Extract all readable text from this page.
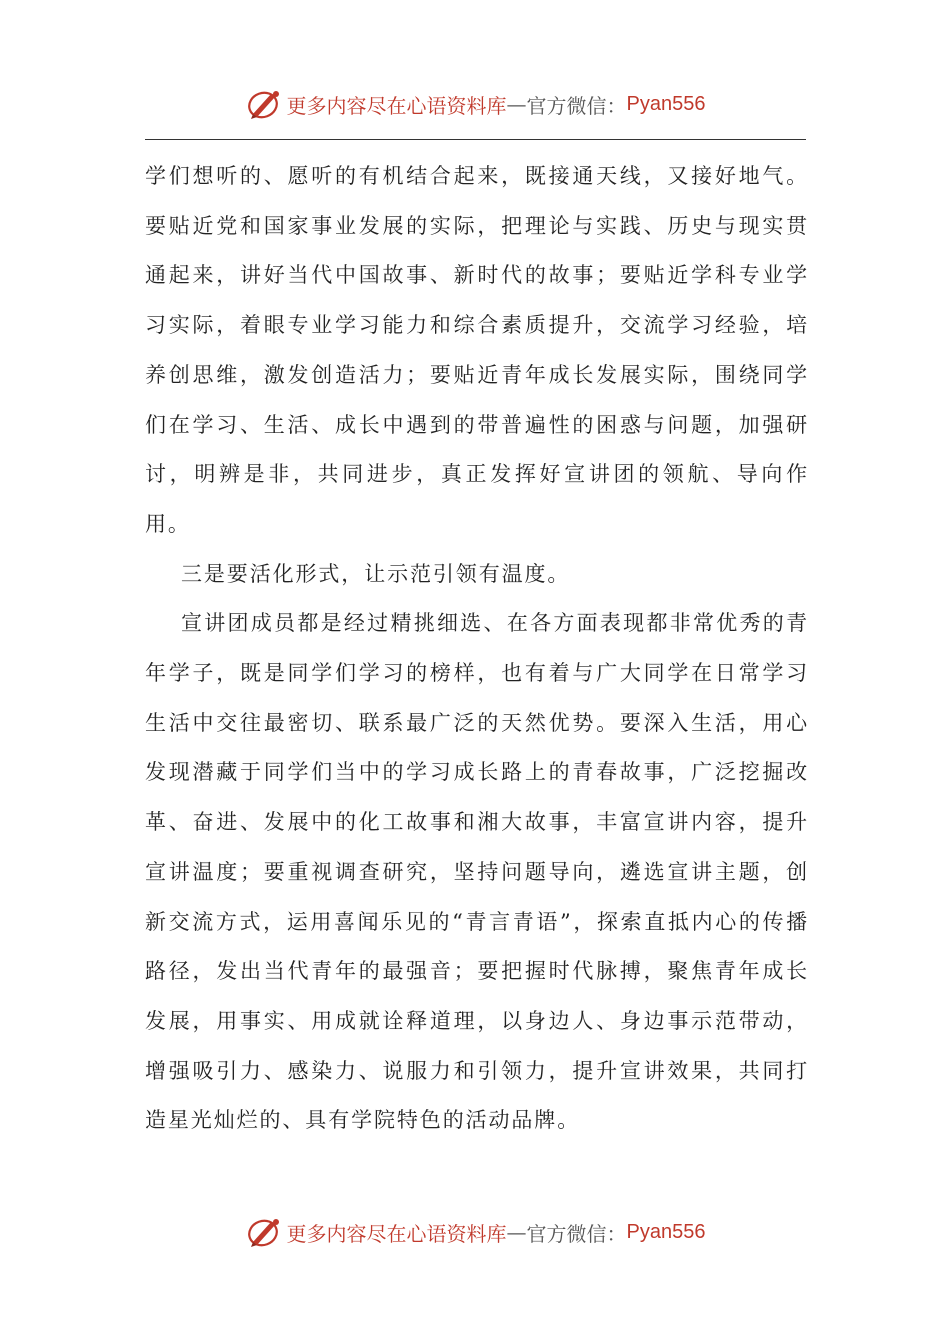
更多内容尽在心语资料库 — 官方微信： Pyan556

学们想听的、愿听的有机结合起来，既接通天线，又接好地气。要贴近党和国家事业发展的实际，把理论与实践、历史与现实贯通起来，讲好当代中国故事、新时代的故事；要贴近学科专业学习实际，着眼专业学习能力和综合素质提升，交流学习经验，培养创思维，激发创造活力；要贴近青年成长发展实际，围绕同学们在学习、生活、成长中遇到的带普遍性的困惑与问题，加强研讨，明辨是非，共同进步，真正发挥好宣讲团的领航、导向作用。

三是要活化形式，让示范引领有温度。

宣讲团成员都是经过精挑细选、在各方面表现都非常优秀的青年学子，既是同学们学习的榜样，也有着与广大同学在日常学习生活中交往最密切、联系最广泛的天然优势。要深入生活，用心发现潜藏于同学们当中的学习成长路上的青春故事，广泛挖掘改革、奋进、发展中的化工故事和湘大故事，丰富宣讲内容，提升宣讲温度；要重视调查研究，坚持问题导向，遴选宣讲主题，创新交流方式，运用喜闻乐见的“青言青语”，探索直抵内心的传播路径，发出当代青年的最强音；要把握时代脉搏，聚焦青年成长发展，用事实、用成就诠释道理，以身边人、身边事示范带动，增强吸引力、感染力、说服力和引领力，提升宣讲效果，共同打造星光灿烂的、具有学院特色的活动品牌。

更多内容尽在心语资料库 — 官方微信： Pyan556
